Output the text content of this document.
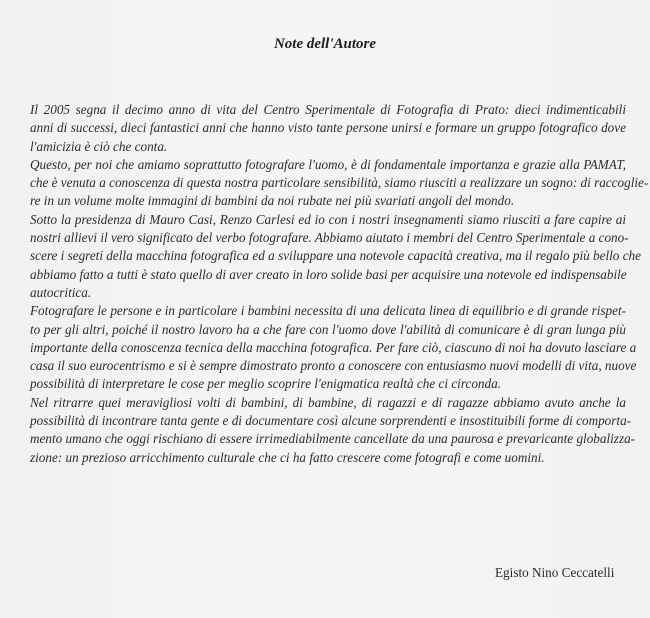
Note dell'Autore

Il 2005 segna il decimo anno di vita del Centro Sperimentale di Fotografia di Prato: dieci indimenticabili
anni di successi, dieci fantastici anni che hanno visto tante persone unirsi e formare un gruppo fotografico dove
l'amicizia è ciò che conta.

Questo, per noi che amiamo soprattutto fotografare l'uomo, è di fondamentale importanza e grazie alla PAMAT,
che è venuta a conoscenza di questa nostra particolare sensibilità, siamo riusciti a realizzare un sogno: di raccoglie-
re in un volume molte immagini di bambini da noi rubate nei più svariati angoli del mondo.

Sotto la presidenza di Mauro Casi, Renzo Carlesi ed io con i nostri insegnamenti siamo riusciti a fare capire ai
nostri allievi il vero significato del verbo fotografare. Abbiamo aiutato i membri del Centro Sperimentale a cono-
scere i segreti della macchina fotografica ed a sviluppare una notevole capacità creativa, ma il regalo più bello che
abbiamo fatto a tutti è stato quello di aver creato in loro solide basi per acquisire una notevole ed indispensabile
autocritica.

Fotografare le persone e in particolare i bambini necessita di una delicata linea di equilibrio e di grande rispet-
to per gli altri, poiché il nostro lavoro ha a che fare con l'uomo dove l'abilità di comunicare è di gran lunga più
importante della conoscenza tecnica della macchina fotografica. Per fare ciò, ciascuno di noi ha dovuto lasciare a
casa il suo eurocentrismo e si è sempre dimostrato pronto a conoscere con entusiasmo nuovi modelli di vita, nuove
possibilità di interpretare le cose per meglio scoprire l'enigmatica realtà che ci circonda.

Nel ritrarre quei meravigliosi volti di bambini, di bambine, di ragazzi e di ragazze abbiamo avuto anche la
possibilità di incontrare tanta gente e di documentare così alcune sorprendenti e insostituibili forme di comporta-
mento umano che oggi rischiano di essere irrimediabilmente cancellate da una paurosa e prevaricante globalizza-
zione: un prezioso arricchimento culturale che ci ha fatto crescere come fotografi e come uomini.

Egisto Nino Ceccatelli
